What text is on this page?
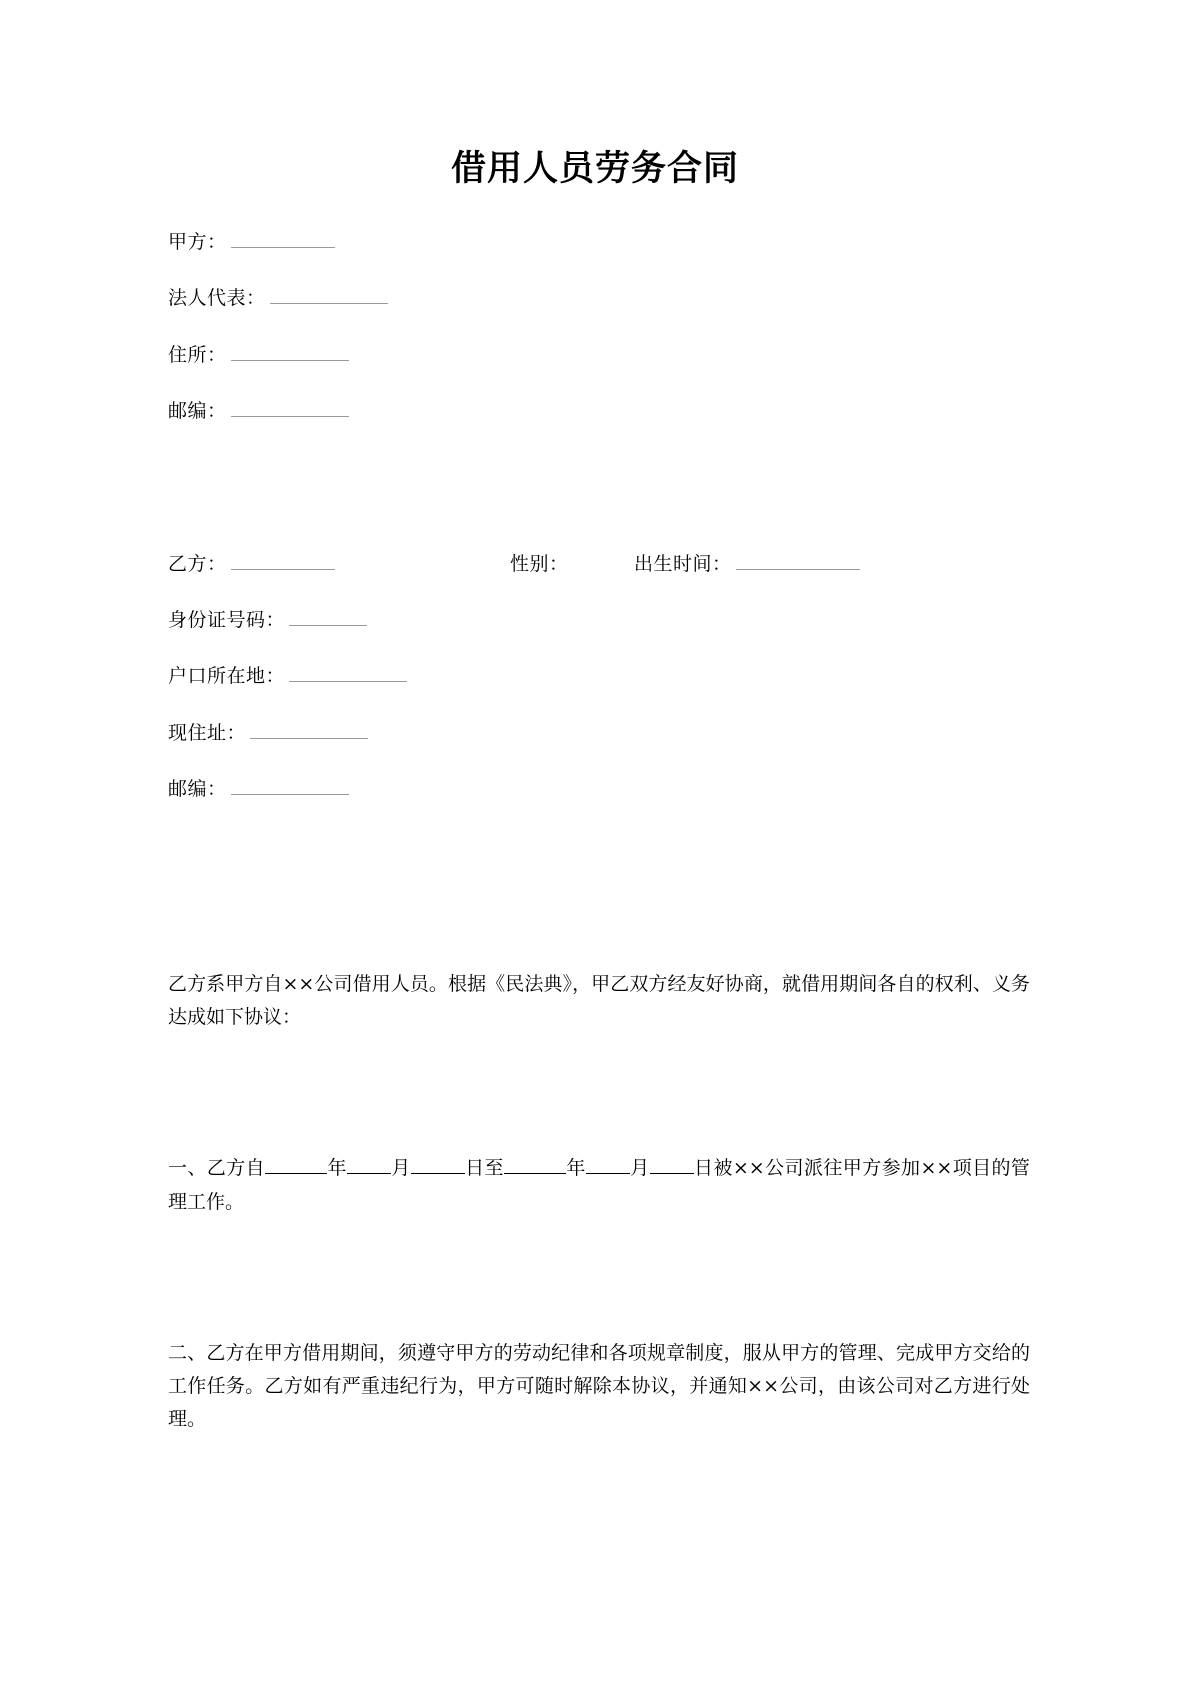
借用人员劳务合同
甲方：
法人代表：
住所：
邮编：
乙方：	性别：	出生时间：
身份证号码：
户口所在地：
现住址：
邮编：

乙方系甲方自××公司借用人员。根据《民法典》，甲乙双方经友好协商，就借用期间各自的权利、义务达成如下协议：

一、乙方自	年 月	日至	年 月 日被××公司派往甲方参加××项目的管理工作。

二、乙方在甲方借用期间，须遵守甲方的劳动纪律和各项规章制度，服从甲方的管理、完成甲方交给的工作任务。乙方如有严重违纪行为，甲方可随时解除本协议，并通知××公司，由该公司对乙方进行处理。
